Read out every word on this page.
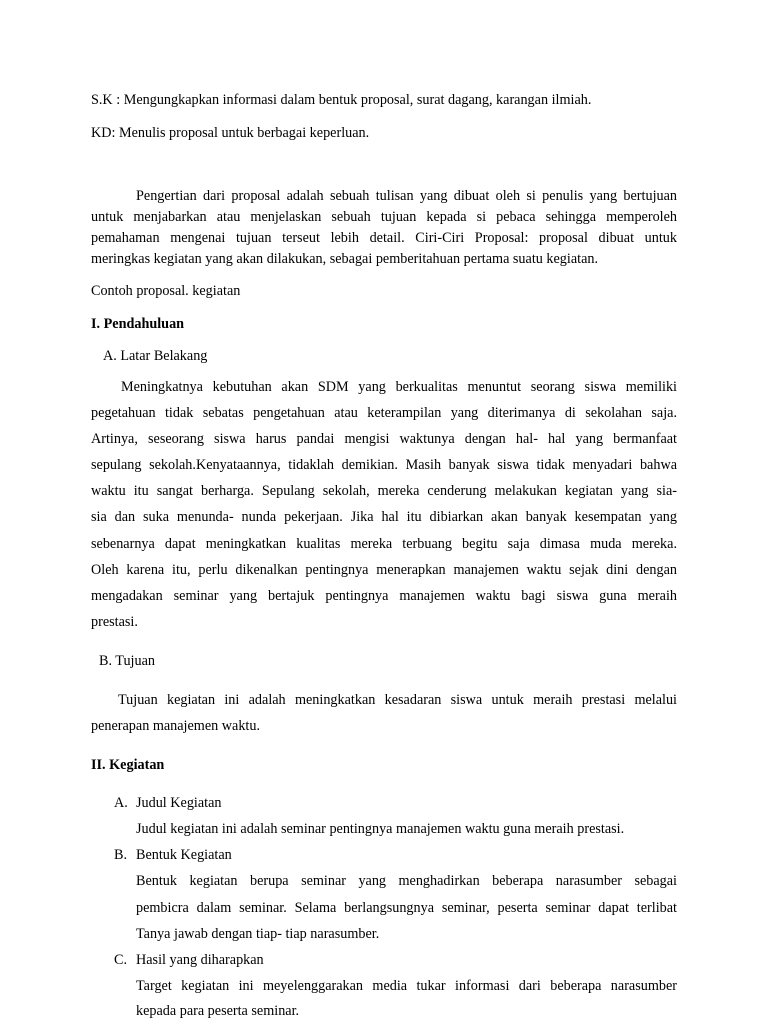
S.K : Mengungkapkan informasi dalam bentuk proposal, surat dagang, karangan ilmiah.
KD: Menulis proposal untuk berbagai keperluan.
Pengertian dari proposal adalah sebuah tulisan yang dibuat oleh si penulis yang bertujuan
untuk menjabarkan atau menjelaskan sebuah tujuan kepada si pebaca sehingga memperoleh
pemahaman mengenai tujuan terseut lebih detail. Ciri-Ciri Proposal: proposal dibuat untuk
meringkas kegiatan yang akan dilakukan, sebagai pemberitahuan pertama suatu kegiatan.
Contoh proposal. kegiatan
I. Pendahuluan
A. Latar Belakang
Meningkatnya kebutuhan akan SDM yang berkualitas menuntut seorang siswa memiliki
pegetahuan tidak sebatas pengetahuan atau keterampilan yang diterimanya di sekolahan saja.
Artinya, seseorang siswa harus pandai mengisi waktunya dengan hal- hal yang bermanfaat
sepulang sekolah.Kenyataannya, tidaklah demikian. Masih banyak siswa tidak menyadari bahwa
waktu itu sangat berharga. Sepulang sekolah, mereka cenderung melakukan kegiatan yang sia-
sia dan suka menunda- nunda pekerjaan. Jika hal itu dibiarkan akan banyak kesempatan yang
sebenarnya dapat meningkatkan kualitas mereka terbuang begitu saja dimasa muda mereka.
Oleh karena itu, perlu dikenalkan pentingnya menerapkan manajemen waktu sejak dini dengan
mengadakan seminar yang bertajuk pentingnya manajemen waktu bagi siswa guna meraih
prestasi.
B. Tujuan
Tujuan kegiatan ini adalah meningkatkan kesadaran siswa untuk meraih prestasi melalui
penerapan manajemen waktu.
II. Kegiatan
A. Judul Kegiatan
Judul kegiatan ini adalah seminar pentingnya manajemen waktu guna meraih prestasi.
B. Bentuk Kegiatan
Bentuk kegiatan berupa seminar yang menghadirkan beberapa narasumber sebagai
pembicra dalam seminar. Selama berlangsungnya seminar, peserta seminar dapat terlibat
Tanya jawab dengan tiap- tiap narasumber.
C. Hasil yang diharapkan
Target kegiatan ini meyelenggarakan media tukar informasi dari beberapa narasumber
kepada para peserta seminar.
